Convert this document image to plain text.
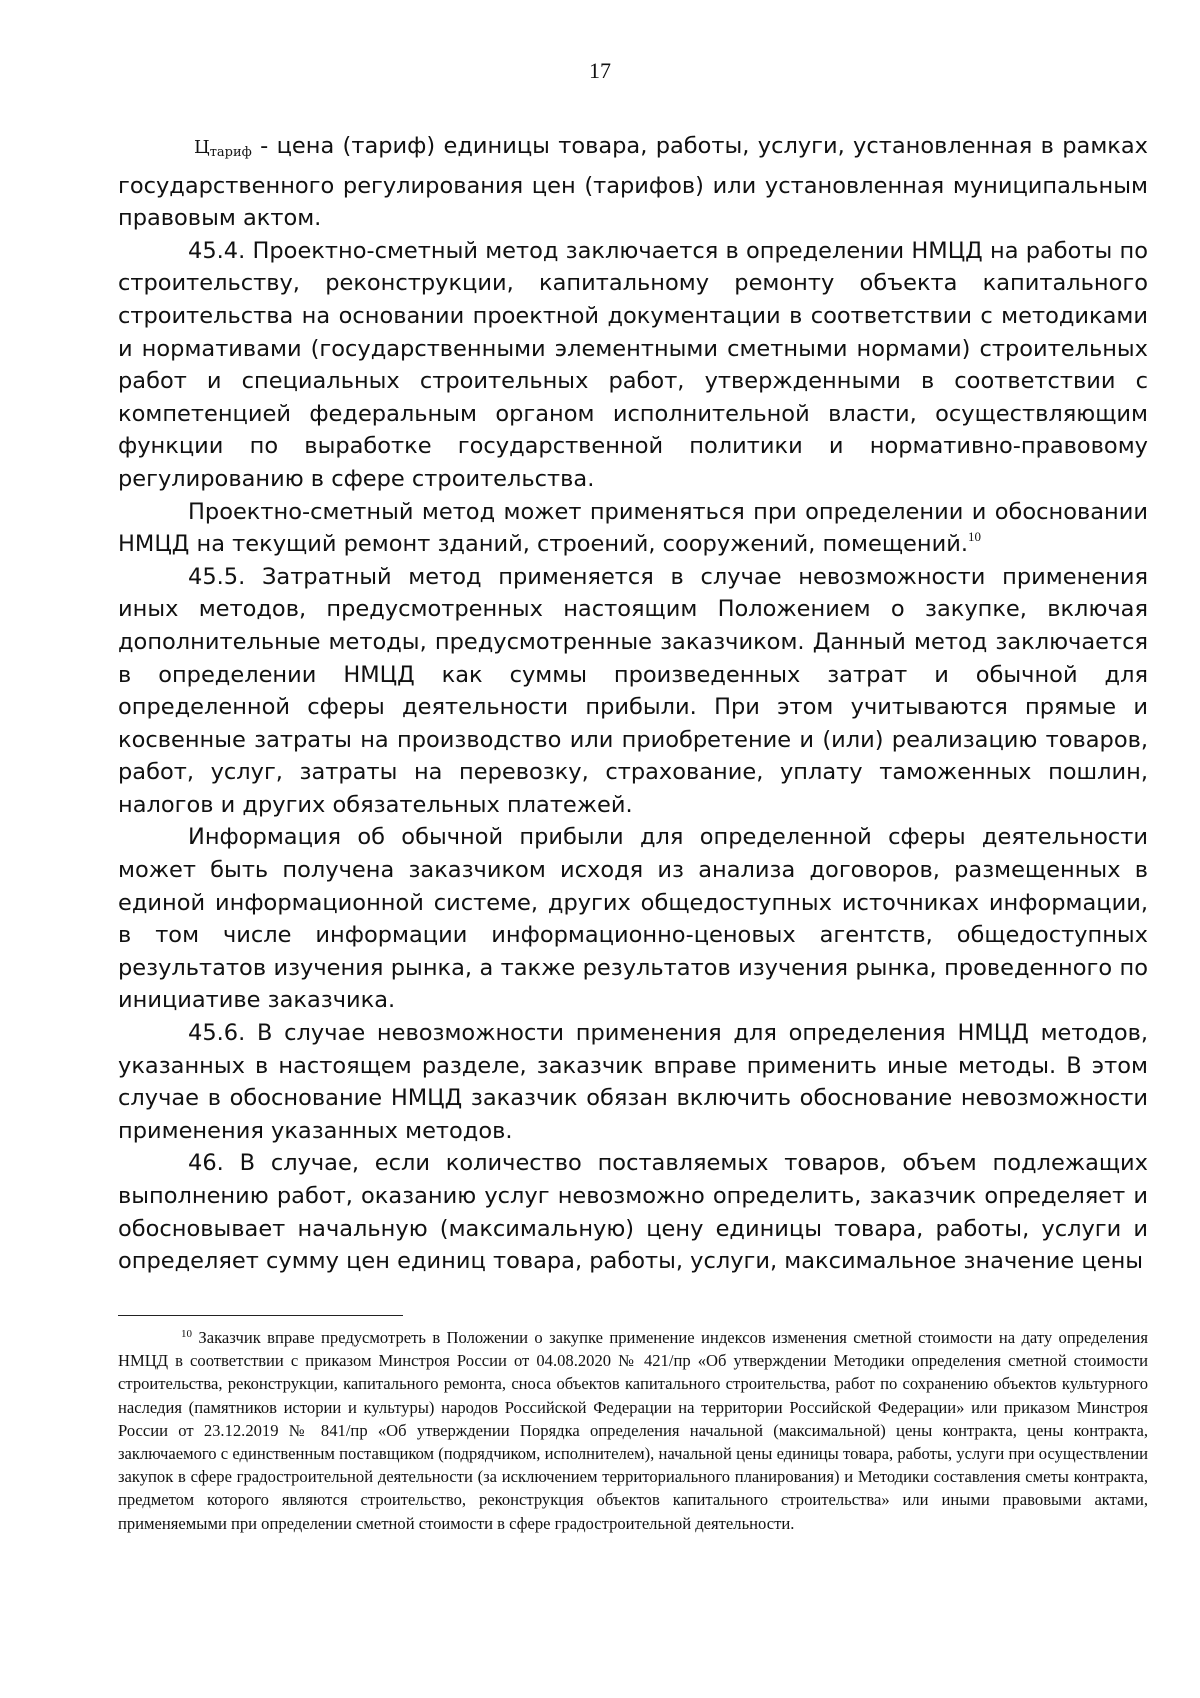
17

$Ц_{тариф}$ - цена (тариф) единицы товара, работы, услуги, установленная в рамках государственного регулирования цен (тарифов) или установленная муниципальным правовым актом.

45.4. Проектно-сметный метод заключается в определении НМЦД на работы по строительству, реконструкции, капитальному ремонту объекта капитального строительства на основании проектной документации в соответствии с методиками и нормативами (государственными элементными сметными нормами) строительных работ и специальных строительных работ, утвержденными в соответствии с компетенцией федеральным органом исполнительной власти, осуществляющим функции по выработке государственной политики и нормативно-правовому регулированию в сфере строительства.

Проектно-сметный метод может применяться при определении и обосновании НМЦД на текущий ремонт зданий, строений, сооружений, помещений.$^{10}$

45.5. Затратный метод применяется в случае невозможности применения иных методов, предусмотренных настоящим Положением о закупке, включая дополнительные методы, предусмотренные заказчиком. Данный метод заключается в определении НМЦД как суммы произведенных затрат и обычной для определенной сферы деятельности прибыли. При этом учитываются прямые и косвенные затраты на производство или приобретение и (или) реализацию товаров, работ, услуг, затраты на перевозку, страхование, уплату таможенных пошлин, налогов и других обязательных платежей.

Информация об обычной прибыли для определенной сферы деятельности может быть получена заказчиком исходя из анализа договоров, размещенных в единой информационной системе, других общедоступных источниках информации, в том числе информации информационно-ценовых агентств, общедоступных результатов изучения рынка, а также результатов изучения рынка, проведенного по инициативе заказчика.

45.6. В случае невозможности применения для определения НМЦД методов, указанных в настоящем разделе, заказчик вправе применить иные методы. В этом случае в обоснование НМЦД заказчик обязан включить обоснование невозможности применения указанных методов.

46. В случае, если количество поставляемых товаров, объем подлежащих выполнению работ, оказанию услуг невозможно определить, заказчик определяет и обосновывает начальную (максимальную) цену единицы товара, работы, услуги и определяет сумму цен единиц товара, работы, услуги, максимальное значение цены

$^{10}$ Заказчик вправе предусмотреть в Положении о закупке применение индексов изменения сметной стоимости на дату определения НМЦД в соответствии с приказом Минстроя России от 04.08.2020 № 421/пр «Об утверждении Методики определения сметной стоимости строительства, реконструкции, капитального ремонта, сноса объектов капитального строительства, работ по сохранению объектов культурного наследия (памятников истории и культуры) народов Российской Федерации на территории Российской Федерации» или приказом Минстроя России от 23.12.2019 № 841/пр «Об утверждении Порядка определения начальной (максимальной) цены контракта, цены контракта, заключаемого с единственным поставщиком (подрядчиком, исполнителем), начальной цены единицы товара, работы, услуги при осуществлении закупок в сфере градостроительной деятельности (за исключением территориального планирования) и Методики составления сметы контракта, предметом которого являются строительство, реконструкция объектов капитального строительства» или иными правовыми актами, применяемыми при определении сметной стоимости в сфере градостроительной деятельности.
